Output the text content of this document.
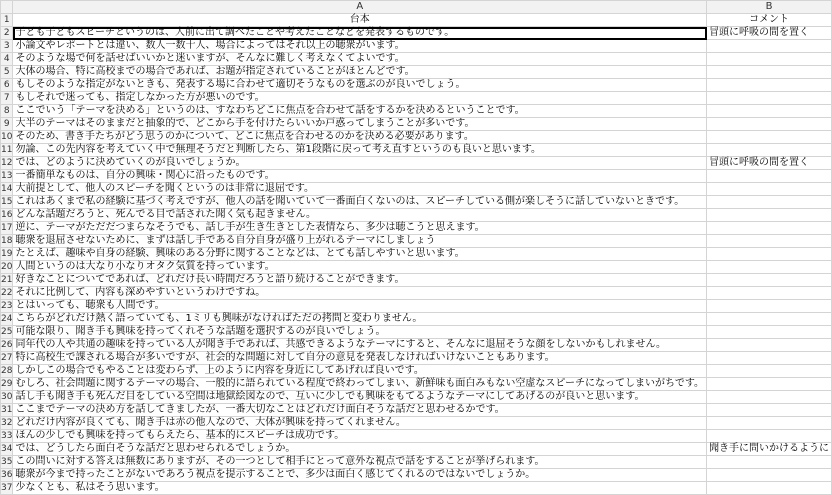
	A	B
1	台本	コメント
2	子ども子どもスピーチというのは、人前に出て調べたことや考えたことなどを発表するものです。	冒頭に呼吸の間を置く
3	小論文やレポートとは違い、数人一数十人、場合によってはそれ以上の聴衆がいます。	
4	そのような場で何を話せばいいかと迷いますが、そんなに難しく考えなくてよいです。	
5	大体の場合、特に高校までの場合であれば、お題が指定されていることがほとんどです。	
6	もしそのような指定がないときも、発表する場に合わせて適切そうなものを選ぶのが良いでしょう。	
7	もしそれで迷っても、指定しなかった方が悪いのです。	
8	ここでいう「テーマを決める」というのは、すなわちどこに焦点を合わせて話をするかを決めるということです。	
9	大半のテーマはそのままだと抽象的で、どこから手を付けたらいいか戸惑ってしまうことが多いです。	
10	そのため、書き手たちがどう思うのかについて、どこに焦点を合わせるのかを決める必要があります。	
11	勿論、この先内容を考えていく中で無理そうだと判断したら、第1段階に戻って考え直すというのも良いと思います。	
12	では、どのように決めていくのが良いでしょうか。	冒頭に呼吸の間を置く
13	一番簡単なものは、自分の興味・関心に沿ったものです。	
14	大前提として、他人のスピーチを聞くというのは非常に退屈です。	
15	これはあくまで私の経験に基づく考えですが、他人の話を聞いていて一番面白くないのは、スピーチしている側が楽しそうに話していないときです。	
16	どんな話題だろうと、死んでる目で話された聞く気も起きません。	
17	逆に、テーマがただだつまらなそうでも、話し手が生き生きとした表情なら、多少は聴こうと思えます。	
18	聴衆を退屈させないために、まずは話し手である自分自身が盛り上がれるテーマにしましょう	
19	たとえば、趣味や自身の経験、興味のある分野に関することなどは、とても話しやすいと思います。	
20	人間というのは大なり小なりオタク気質を持っています。	
21	好きなことについてであれば、どれだけ長い時間だろうと語り続けることができます。	
22	それに比例して、内容も深めやすいというわけですね。	
23	とはいっても、聴衆も人間です。	
24	こちらがどれだけ熱く語っていても、1ミリも興味がなければただの拷問と変わりません。	
25	可能な限り、聞き手も興味を持ってくれそうな話題を選択するのが良いでしょう。	
26	同年代の人や共通の趣味を持っている人が聞き手であれば、共感できるようなテーマにすると、そんなに退屈そうな顔をしないかもしれません。	
27	特に高校生で課される場合が多いですが、社会的な問題に対して自分の意見を発表しなければいけないこともあります。	
28	しかしこの場合でもやることは変わらず、上のように内容を身近にしてあげれば良いです。	
29	むしろ、社会問題に関するテーマの場合、一般的に語られている程度で終わってしまい、新鮮味も面白みもない空虚なスピーチになってしまいがちです。	
30	話し手も聞き手も死んだ目をしている空間は地獄絵図なので、互いに少しでも興味をもてるようなテーマにしてあげるのが良いと思います。	
31	ここまでテーマの決め方を話してきましたが、一番大切なことはどれだけ面白そうな話だと思わせるかです。	
32	どれだけ内容が良くても、聞き手は赤の他人なので、大体が興味を持ってくれません。	
33	ほんの少しでも興味を持ってもらえたら、基本的にスピーチは成功です。	
34	では、どうしたら面白そうな話だと思わせられるでしょうか。	聞き手に問いかけるように
35	この問いに対する答えは無数にありますが、その一つとして相手にとって意外な視点で話をすることが挙げられます。	
36	聴衆が今まで持ったことがないであろう視点を提示することで、多少は面白く感じてくれるのではないでしょうか。	
37	少なくとも、私はそう思います。	
